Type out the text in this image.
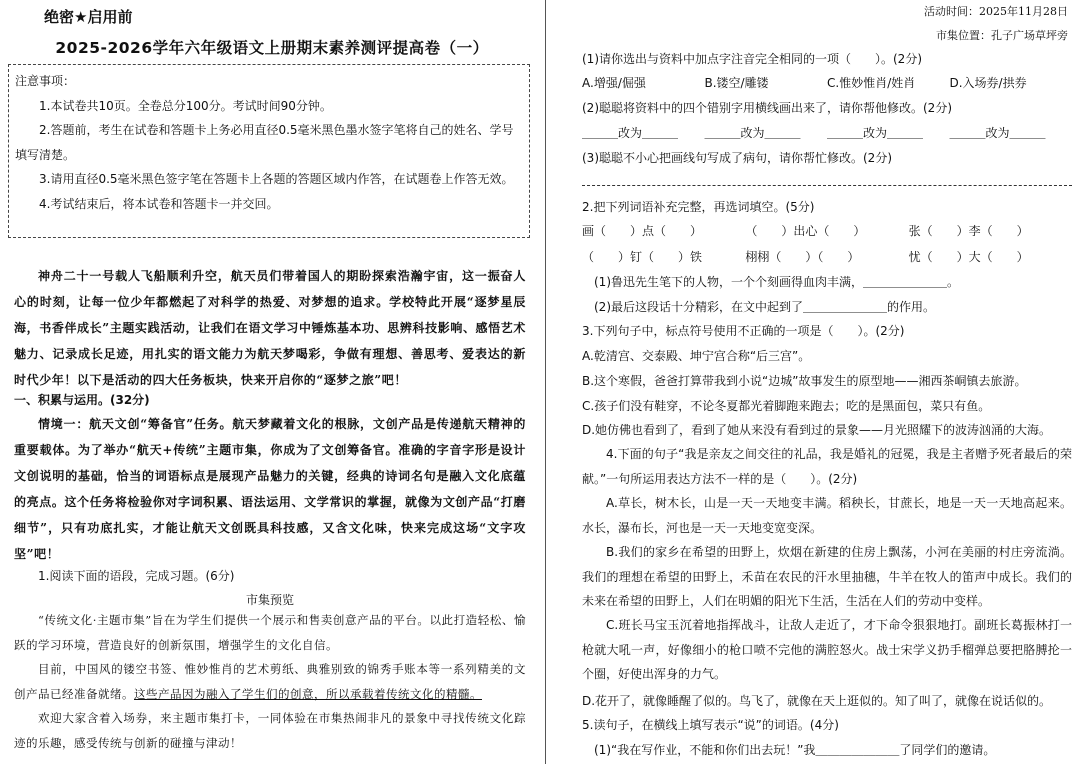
绝密★启用前
2025-2026学年六年级语文上册期末素养测评提高卷（一）

注意事项：

1.本试卷共10页。全卷总分100分。考试时间90分钟。

2.答题前，考生在试卷和答题卡上务必用直径0.5毫米黑色墨水签字笔将自己的姓名、学号填写清楚。

3.请用直径0.5毫米黑色签字笔在答题卡上各题的答题区域内作答，在试题卷上作答无效。

4.考试结束后，将本试卷和答题卡一并交回。

神舟二十一号载人飞船顺利升空，航天员们带着国人的期盼探索浩瀚宇宙，这一振奋人心的时刻，让每一位少年都燃起了对科学的热爱、对梦想的追求。学校特此开展“逐梦星辰海，书香伴成长”主题实践活动，让我们在语文学习中锤炼基本功、思辨科技影响、感悟艺术魅力、记录成长足迹，用扎实的语文能力为航天梦喝彩，争做有理想、善思考、爱表达的新时代少年！以下是活动的四大任务板块，快来开启你的“逐梦之旅”吧！
一、积累与运用。(32分)
情境一：航天文创“筹备官”任务。航天梦藏着文化的根脉，文创产品是传递航天精神的重要载体。为了举办“航天+传统”主题市集，你成为了文创筹备官。准确的字音字形是设计文创说明的基础，恰当的词语标点是展现产品魅力的关键，经典的诗词名句是融入文化底蕴的亮点。这个任务将检验你对字词积累、语法运用、文学常识的掌握，就像为文创产品“打磨细节”，只有功底扎实，才能让航天文创既具科技感，又含文化味，快来完成这场“文字攻坚”吧！
1.阅读下面的语段，完成习题。(6分)
市集预览
“传统文化·主题市集”旨在为学生们提供一个展示和售卖创意产品的平台。以此打造轻松、愉跃的学习环境，营造良好的创新氛围，增强学生的文化自信。
目前，中国风的镂空书签、惟妙惟肖的艺术剪纸、典雅别致的锦秀手账本等一系列精美的文创产品已经准备就绪。这些产品因为融入了学生们的创意，所以承载着传统文化的精髓。
欢迎大家含着入场券，来主题市集打卡，一同体验在市集热闹非凡的景象中寻找传统文化踪迹的乐趣，感受传统与创新的碰撞与津动！
活动时间：2025年11月28日
市集位置：孔子广场草坪旁
(1)请你选出与资料中加点字注音完全相同的一项（　　）。(2分)
A.增强/倔强	B.镂空/雕镂	C.惟妙惟肖/姓肖	D.入场券/拱券
(2)聪聪将资料中的四个错别字用横线画出来了，请你帮他修改。(2分)
＿＿＿改为＿＿＿	＿＿＿改为＿＿＿	＿＿＿改为＿＿＿	＿＿＿改为＿＿＿
(3)聪聪不小心把画线句写成了病句，请你帮忙修改。(2分)
2.把下列词语补充完整，再选词填空。(5分)
画（　　）点（　　）	（　　）出心（　　）	张（　　）李（　　）
（　　）钉（　　）铁	栩栩（　　）（　　）	忧（　　）大（　　）
(1)鲁迅先生笔下的人物，一个个刻画得血肉丰满，＿＿＿＿＿＿＿。
(2)最后这段话十分精彩，在文中起到了＿＿＿＿＿＿＿的作用。
3.下列句子中，标点符号使用不正确的一项是（　　）。(2分)
A.乾清宫、交泰殿、坤宁宫合称“后三宫”。
B.这个寒假，爸爸打算带我到小说“边城”故事发生的原型地——湘西茶峒镇去旅游。
C.孩子们没有鞋穿，不论冬夏都光着脚跑来跑去；吃的是黑面包，菜只有鱼。
D.她仿佛也看到了，看到了她从来没有看到过的景象——月光照耀下的波涛汹涌的大海。
4.下面的句子“我是亲友之间交往的礼品，我是婚礼的冠冕，我是主者赠予死者最后的荣献。”一句所运用表达方法不一样的是（　　）。(2分)
A.草长，树木长，山是一天一天地变丰满。稻秧长，甘蔗长，地是一天一天地高起来。水长，瀑布长，河也是一天一天地变宽变深。
B.我们的家乡在希望的田野上，炊烟在新建的住房上飘荡，小河在美丽的村庄旁流淌。我们的理想在希望的田野上，禾苗在农民的汗水里抽穗，牛羊在牧人的笛声中成长。我们的未来在希望的田野上，人们在明媚的阳光下生活，生活在人们的劳动中变样。
C.班长马宝玉沉着地指挥战斗，让敌人走近了，才下命令狠狠地打。副班长葛振林打一枪就大吼一声，好像细小的枪口喷不完他的满腔怒火。战士宋学义扔手榴弹总要把胳膊抡一个圈，好使出浑身的力气。
D.花开了，就像睡醒了似的。鸟飞了，就像在天上逛似的。知了叫了，就像在说话似的。
5.读句子，在横线上填写表示“说”的词语。(4分)
(1)“我在写作业，不能和你们出去玩！”我＿＿＿＿＿＿＿了同学们的邀请。
